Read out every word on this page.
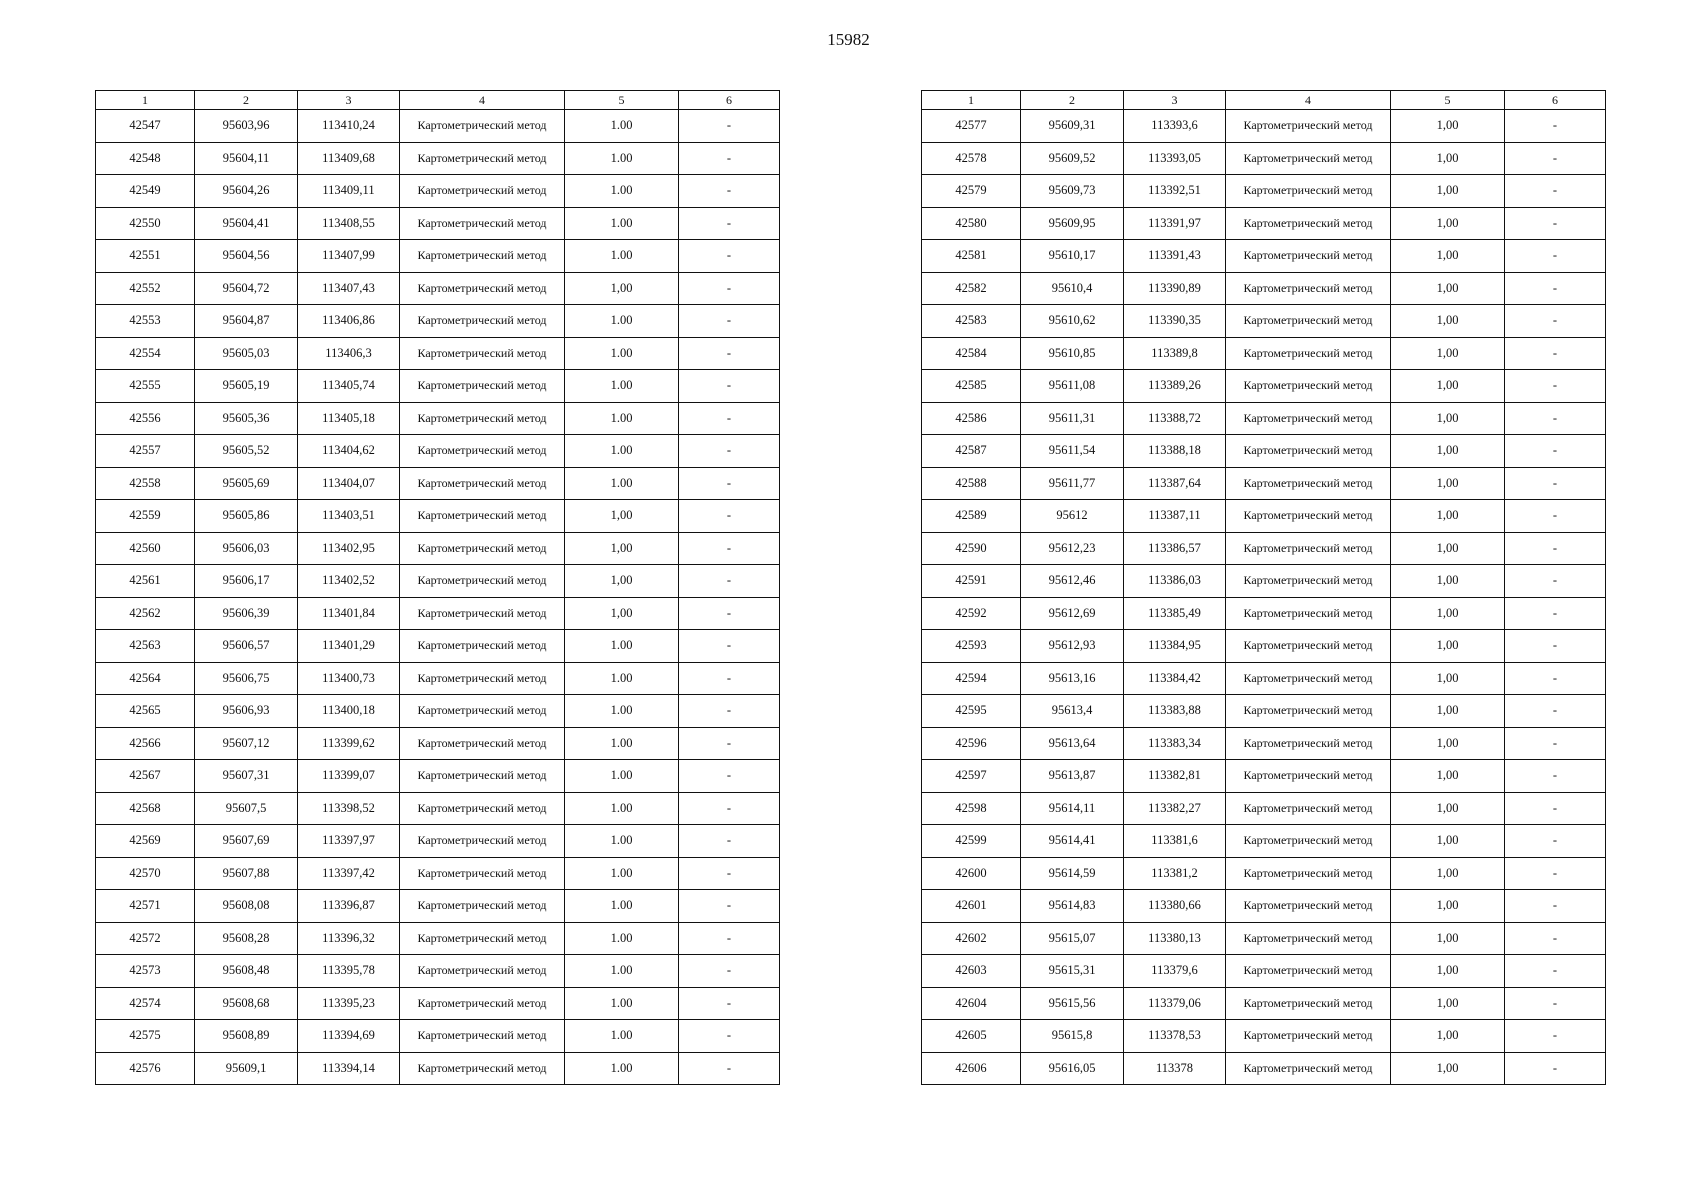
15982
1	2	3	4	5	6
42547	95603,96	113410,24	Картометрический метод	1.00	-
42548	95604,11	113409,68	Картометрический метод	1.00	-
42549	95604,26	113409,11	Картометрический метод	1.00	-
42550	95604,41	113408,55	Картометрический метод	1.00	-
42551	95604,56	113407,99	Картометрический метод	1.00	-
42552	95604,72	113407,43	Картометрический метод	1,00	-
42553	95604,87	113406,86	Картометрический метод	1.00	-
42554	95605,03	113406,3	Картометрический метод	1.00	-
42555	95605,19	113405,74	Картометрический метод	1.00	-
42556	95605,36	113405,18	Картометрический метод	1.00	-
42557	95605,52	113404,62	Картометрический метод	1.00	-
42558	95605,69	113404,07	Картометрический метод	1.00	-
42559	95605,86	113403,51	Картометрический метод	1,00	-
42560	95606,03	113402,95	Картометрический метод	1,00	-
42561	95606,17	113402,52	Картометрический метод	1,00	-
42562	95606,39	113401,84	Картометрический метод	1,00	-
42563	95606,57	113401,29	Картометрический метод	1.00	-
42564	95606,75	113400,73	Картометрический метод	1.00	-
42565	95606,93	113400,18	Картометрический метод	1.00	-
42566	95607,12	113399,62	Картометрический метод	1.00	-
42567	95607,31	113399,07	Картометрический метод	1.00	-
42568	95607,5	113398,52	Картометрический метод	1.00	-
42569	95607,69	113397,97	Картометрический метод	1.00	-
42570	95607,88	113397,42	Картометрический метод	1.00	-
42571	95608,08	113396,87	Картометрический метод	1.00	-
42572	95608,28	113396,32	Картометрический метод	1.00	-
42573	95608,48	113395,78	Картометрический метод	1.00	-
42574	95608,68	113395,23	Картометрический метод	1.00	-
42575	95608,89	113394,69	Картометрический метод	1.00	-
42576	95609,1	113394,14	Картометрический метод	1.00	-
1	2	3	4	5	6
42577	95609,31	113393,6	Картометрический метод	1,00	-
42578	95609,52	113393,05	Картометрический метод	1,00	-
42579	95609,73	113392,51	Картометрический метод	1,00	-
42580	95609,95	113391,97	Картометрический метод	1,00	-
42581	95610,17	113391,43	Картометрический метод	1,00	-
42582	95610,4	113390,89	Картометрический метод	1,00	-
42583	95610,62	113390,35	Картометрический метод	1,00	-
42584	95610,85	113389,8	Картометрический метод	1,00	-
42585	95611,08	113389,26	Картометрический метод	1,00	-
42586	95611,31	113388,72	Картометрический метод	1,00	-
42587	95611,54	113388,18	Картометрический метод	1,00	-
42588	95611,77	113387,64	Картометрический метод	1,00	-
42589	95612	113387,11	Картометрический метод	1,00	-
42590	95612,23	113386,57	Картометрический метод	1,00	-
42591	95612,46	113386,03	Картометрический метод	1,00	-
42592	95612,69	113385,49	Картометрический метод	1,00	-
42593	95612,93	113384,95	Картометрический метод	1,00	-
42594	95613,16	113384,42	Картометрический метод	1,00	-
42595	95613,4	113383,88	Картометрический метод	1,00	-
42596	95613,64	113383,34	Картометрический метод	1,00	-
42597	95613,87	113382,81	Картометрический метод	1,00	-
42598	95614,11	113382,27	Картометрический метод	1,00	-
42599	95614,41	113381,6	Картометрический метод	1,00	-
42600	95614,59	113381,2	Картометрический метод	1,00	-
42601	95614,83	113380,66	Картометрический метод	1,00	-
42602	95615,07	113380,13	Картометрический метод	1,00	-
42603	95615,31	113379,6	Картометрический метод	1,00	-
42604	95615,56	113379,06	Картометрический метод	1,00	-
42605	95615,8	113378,53	Картометрический метод	1,00	-
42606	95616,05	113378	Картометрический метод	1,00	-
